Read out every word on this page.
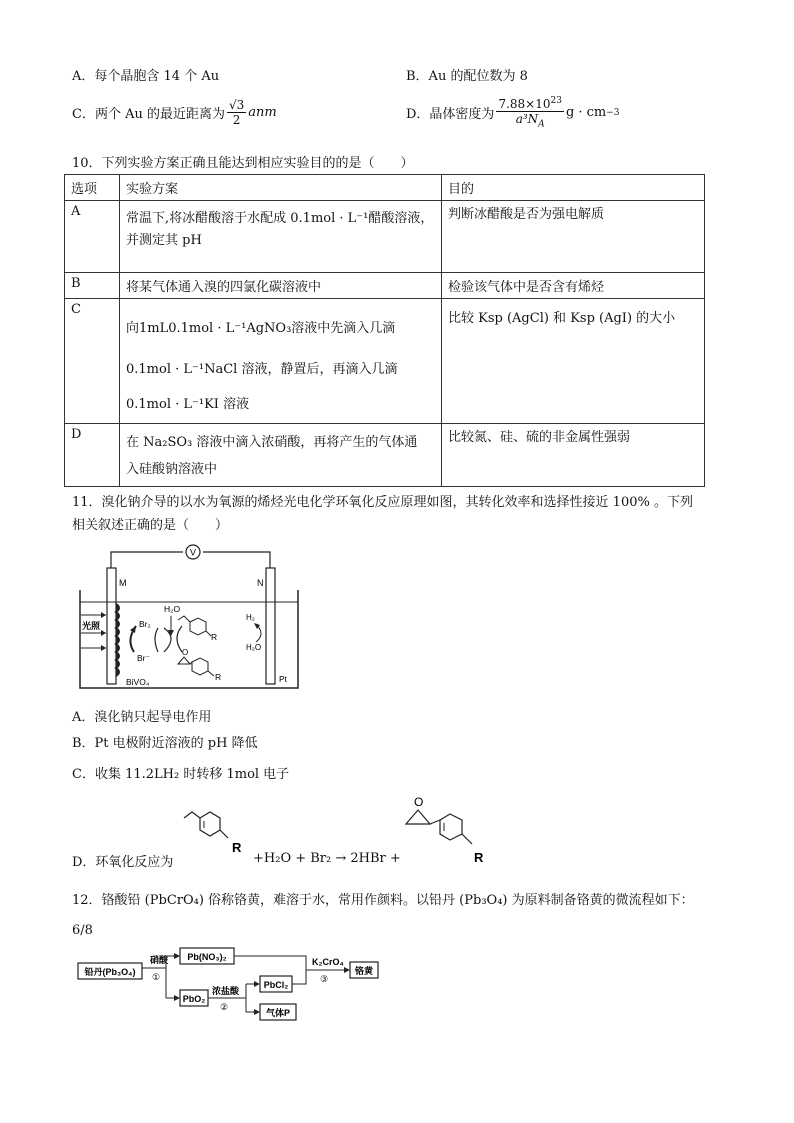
A．每个晶胞含 14 个 Au	B．Au 的配位数为 8
C．两个 Au 的最近距离为 $\frac{√3}{2}$ anm	D．晶体密度为 $\frac{7.88\times 10^{23}}{a^3N_A}$ g · cm −3
10．下列实验方案正确且能达到相应实验目的的是（　　）
选项	实验方案	目的
A	常温下,将冰醋酸溶于水配成 0.1mol · L⁻¹醋酸溶液，

并测定其 pH	判断冰醋酸是否为强电解质

B	将某气体通入溴的四氯化碳溶液中	检验该气体中是否含有烯烃
C	向1mL0.1mol · L⁻¹AgNO₃溶液中先滴入几滴

0.1mol · L⁻¹NaCl 溶液，静置后，再滴入几滴

0.1mol · L⁻¹KI 溶液	比较 Ksp (AgCl) 和 Ksp (AgI) 的大小

D	在 Na₂SO₃ 溶液中滴入浓硝酸，再将产生的气体通

入硅酸钠溶液中	比较氮、硅、硫的非金属性强弱

11．溴化钠介导的以水为氧源的烯烃光电化学环氧化反应原理如图，其转化效率和选择性接近 100% 。下列
相关叙述正确的是（　　）
V
M	N
光照
BiVO₄	Pt
Br₂
Br⁻
H₂O
R
O
R
H₂
H₂O
A．溴化钠只起导电作用
B．Pt 电极附近溶液的 pH 降低
C．收集 11.2LH₂ 时转移 1mol 电子
D．环氧化反应为
R
+H₂O + Br₂ → 2HBr +
O
R
12．铬酸铅 (PbCrO₄) 俗称铬黄，难溶于水，常用作颜料。以铅丹 (Pb₃O₄) 为原料制备铬黄的微流程如下：
6/8
铅丹(Pb₃O₄)
硝酸
①
Pb(NO₃)₂
PbO₂
浓盐酸
②
PbCl₂
气体P
K₂CrO₄
③
铬黄
